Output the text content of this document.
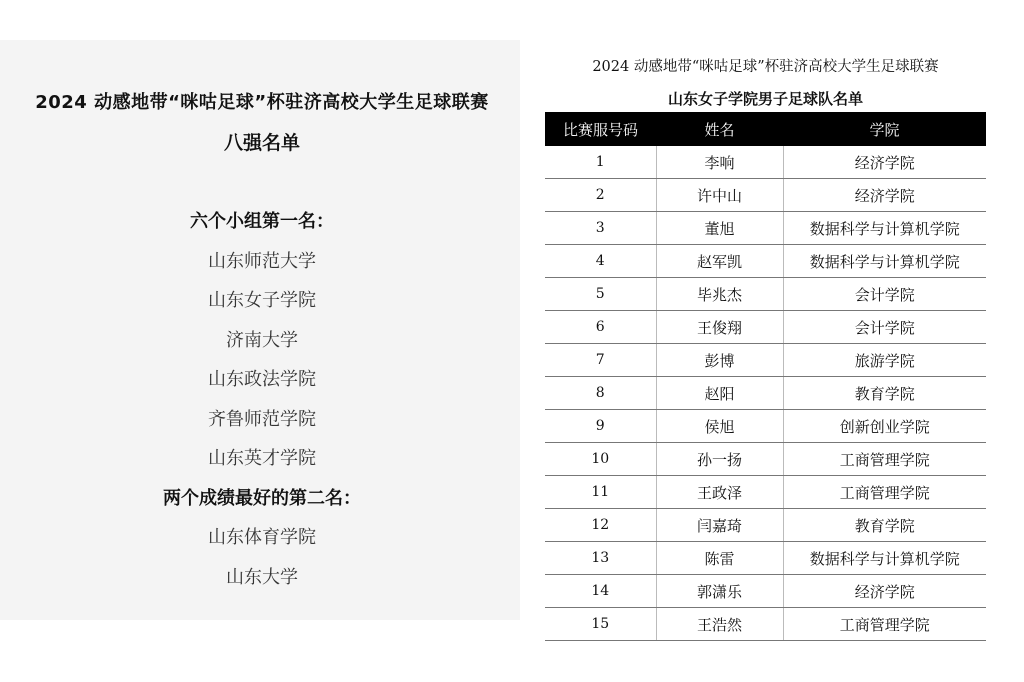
2024 动感地带“咪咕足球”杯驻济高校大学生足球联赛
八强名单
六个小组第一名：
山东师范大学
山东女子学院
济南大学
山东政法学院
齐鲁师范学院
山东英才学院
两个成绩最好的第二名：
山东体育学院
山东大学
2024 动感地带“咪咕足球”杯驻济高校大学生足球联赛
山东女子学院男子足球队名单
比赛服号码	姓名	学院
1	李响	经济学院
2	许中山	经济学院
3	董旭	数据科学与计算机学院
4	赵军凯	数据科学与计算机学院
5	毕兆杰	会计学院
6	王俊翔	会计学院
7	彭博	旅游学院
8	赵阳	教育学院
9	侯旭	创新创业学院
10	孙一扬	工商管理学院
11	王政泽	工商管理学院
12	闫嘉琦	教育学院
13	陈雷	数据科学与计算机学院
14	郭潇乐	经济学院
15	王浩然	工商管理学院
